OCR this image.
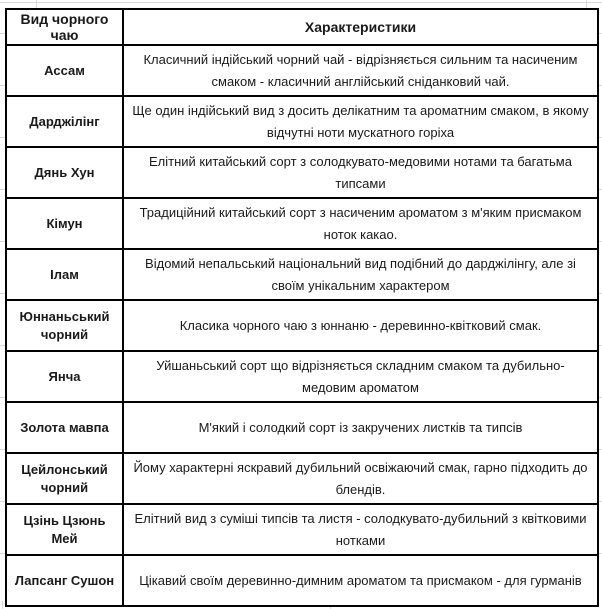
Вид чорного чаю	Характеристики
Ассам	Класичний індійський чорний чай - відрізняється сильним та насиченим смаком - класичний англійський сніданковий чай.
Дарджілінг	Ще один індійський вид з досить делікатним та ароматним смаком, в якому відчутні ноти мускатного горіха
Дянь Хун	Елітний китайський сорт з солодкувато-медовими нотами та багатьма типсами
Кімун	Традиційний китайський сорт з насиченим ароматом з м'яким присмаком ноток какао.
Ілам	Відомий непальський національний вид подібний до дарджілінгу, але зі своїм унікальним характером
Юннаньський чорний	Класика чорного чаю з юннаню - деревинно-квітковий смак.
Янча	Уйшаньський сорт що відрізняється складним смаком та дубильно-медовим ароматом
Золота мавпа	М'який і солодкий сорт із закручених листків та типсів
Цейлонський чорний	Йому характерні яскравий дубильний освіжаючий смак, гарно підходить до блендів.
Цзінь Цзюнь Мей	Елітний вид з суміші типсів та листя - солодкувато-дубильний з квітковими нотками
Лапсанг Сушон	Цікавий своїм деревинно-димним ароматом та присмаком - для гурманів
